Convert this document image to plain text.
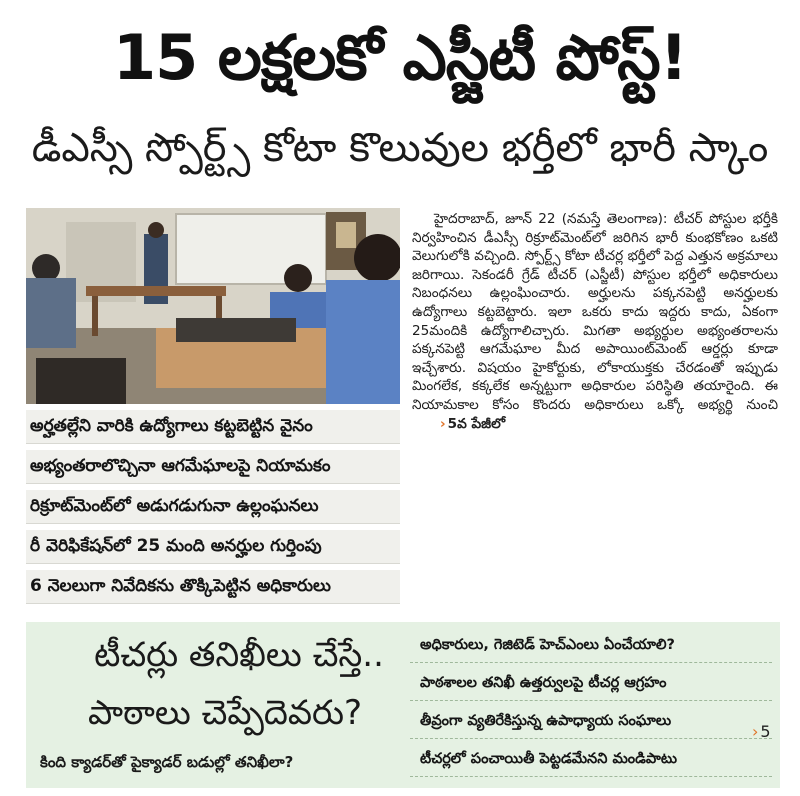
15 లక్షలకో ఎస్జీటీ పోస్ట్!
డీఎస్సీ స్పోర్ట్స్ కోటా కొలువుల భర్తీలో భారీ స్కాం
అర్హతల్లేని వారికి ఉద్యోగాలు కట్టబెట్టిన వైనం
అభ్యంతరాలొచ్చినా ఆగమేఘాలపై నియామకం
రిక్రూట్‌మెంట్‌లో అడుగడుగునా ఉల్లంఘనలు
రీ వెరిఫికేషన్‌లో 25 మంది అనర్హుల గుర్తింపు
6 నెలలుగా నివేదికను తొక్కిపెట్టిన అధికారులు

హైదరాబాద్, జూన్ 22 (నమస్తే తెలంగాణ): టీచర్ పోస్టుల భర్తీకి నిర్వహించిన డీఎస్సీ రిక్రూట్‌మెంట్‌లో జరిగిన భారీ కుంభకోణం ఒకటి వెలుగులోకి వచ్చింది. స్పోర్ట్స్ కోటా టీచర్ల భర్తీలో పెద్ద ఎత్తున అక్రమాలు జరిగాయి. సెకండరీ గ్రేడ్ టీచర్ (ఎస్జీటీ) పోస్టుల భర్తీలో అధికారులు నిబంధనలు ఉల్లంఘించారు. అర్హులను పక్కనపెట్టి అనర్హులకు ఉద్యోగాలు కట్టబెట్టారు. ఇలా ఒకరు కాదు ఇద్దరు కాదు, ఏకంగా 25మందికి ఉద్యోగాలిచ్చారు. మిగతా అభ్యర్థుల అభ్యంతరాలను పక్కనపెట్టి ఆగమేఘాల మీద అపాయింట్‌మెంట్ ఆర్డర్లు కూడా ఇచ్చేశారు. విషయం హైకోర్టుకు, లోకాయుక్తకు చేరడంతో ఇప్పుడు మింగలేక, కక్కలేక అన్నట్టుగా అధికారుల పరిస్థితి తయారైంది. ఈ నియామకాల కోసం కొందరు అధికారులు ఒక్కో అభ్యర్థి నుంచి › 5వ పేజీలో

టీచర్లు తనిఖీలు చేస్తే..
పాఠాలు చెప్పేదెవరు?
కింది క్యాడర్‌తో పైక్యాడర్ బడుల్లో తనిఖీలా?
అధికారులు, గెజిటెడ్ హెచ్‌ఎంలు ఏంచేయాలి?
పాఠశాలల తనిఖీ ఉత్తర్వులపై టీచర్ల ఆగ్రహం
తీవ్రంగా వ్యతిరేకిస్తున్న ఉపాధ్యాయ సంఘాలు
టీచర్లలో పంచాయితీ పెట్టడమేనని మండిపాటు
› 5
